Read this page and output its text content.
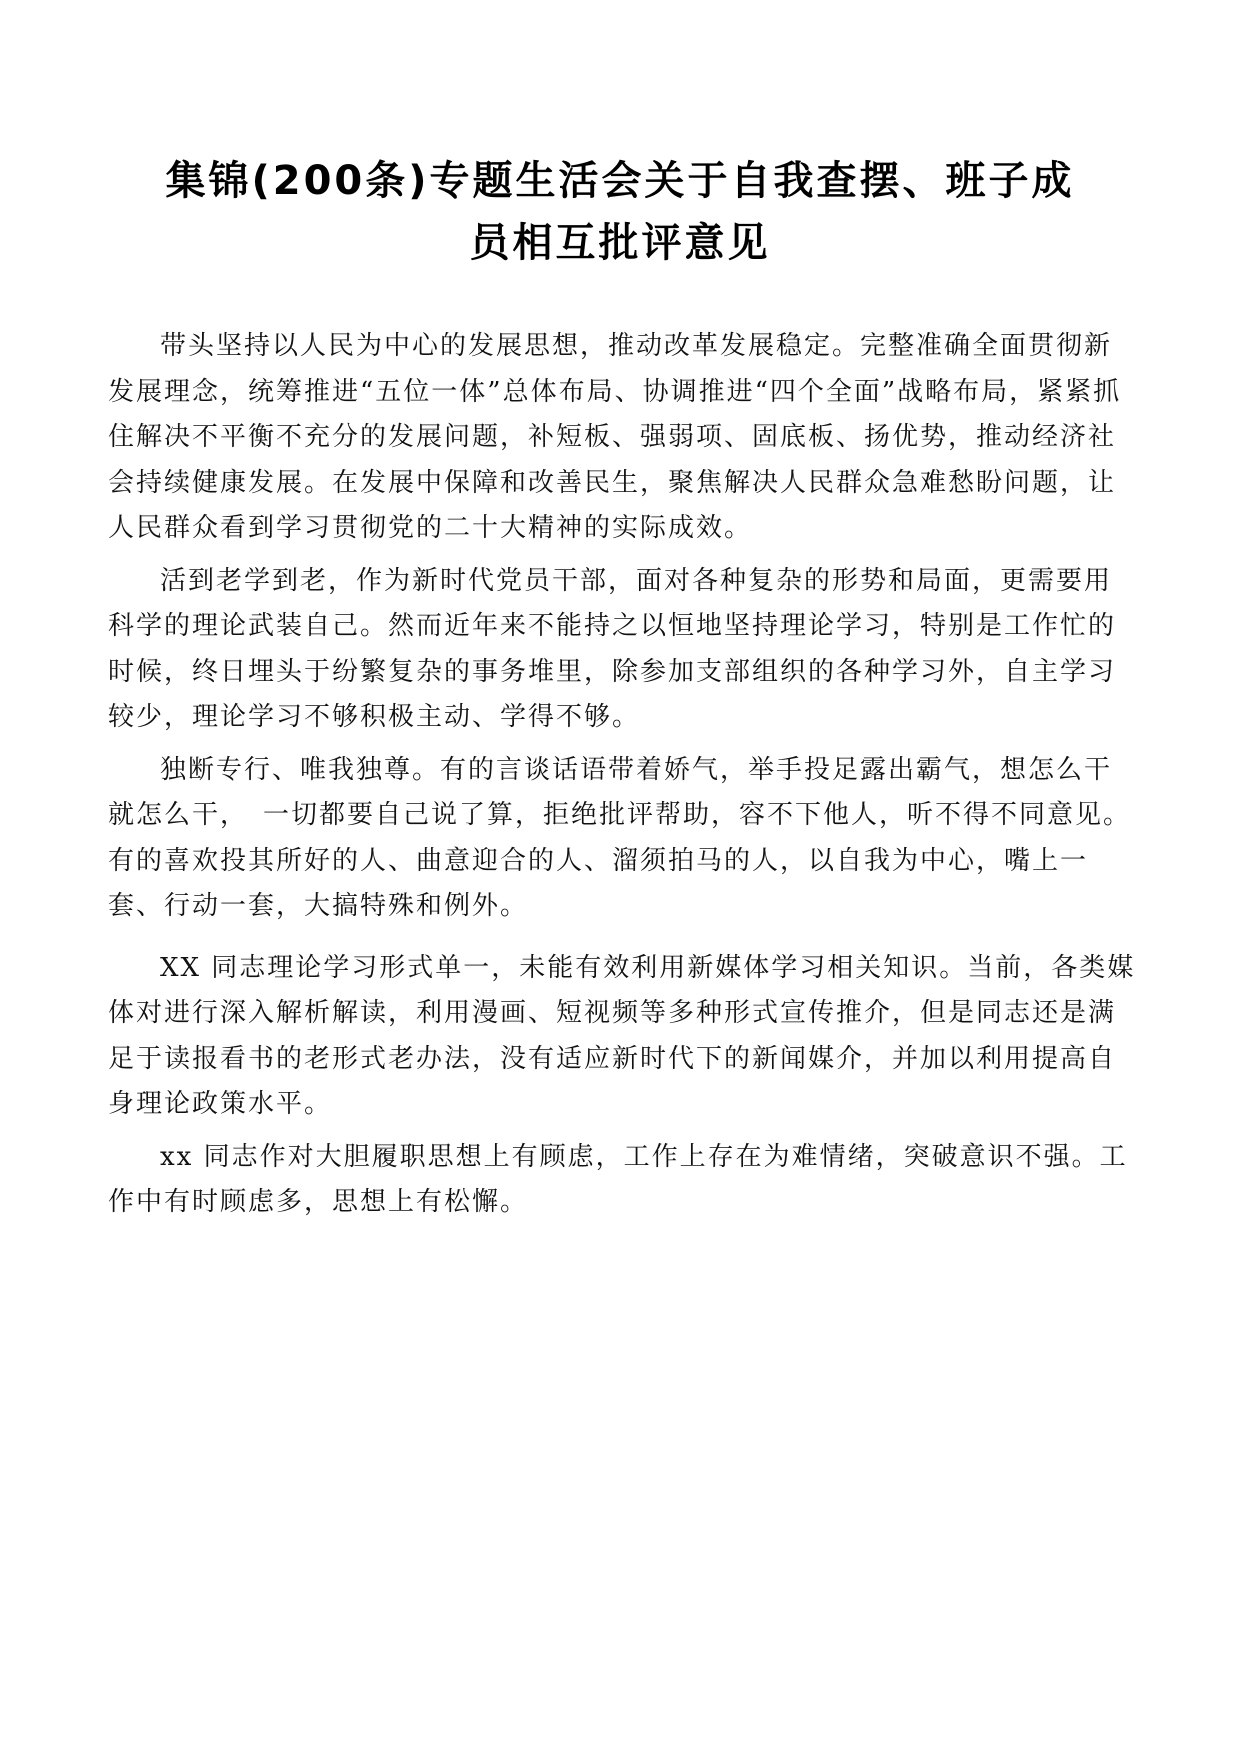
集锦(200条)专题生活会关于自我查摆、班子成
员相互批评意见

带头坚持以人民为中心的发展思想，推动改革发展稳定。完整准确全面贯彻新发展理念，统筹推进“五位一体”总体布局、协调推进“四个全面”战略布局，紧紧抓住解决不平衡不充分的发展问题，补短板、强弱项、固底板、扬优势，推动经济社会持续健康发展。在发展中保障和改善民生，聚焦解决人民群众急难愁盼问题，让人民群众看到学习贯彻党的二十大精神的实际成效。

活到老学到老，作为新时代党员干部，面对各种复杂的形势和局面，更需要用科学的理论武装自己。然而近年来不能持之以恒地坚持理论学习，特别是工作忙的时候，终日埋头于纷繁复杂的事务堆里，除参加支部组织的各种学习外，自主学习较少，理论学习不够积极主动、学得不够。

独断专行、唯我独尊。有的言谈话语带着娇气，举手投足露出霸气，想怎么干就怎么干，　一切都要自己说了算，拒绝批评帮助，容不下他人，听不得不同意见。有的喜欢投其所好的人、曲意迎合的人、溜须拍马的人，以自我为中心，嘴上一套、行动一套，大搞特殊和例外。

XX 同志理论学习形式单一，未能有效利用新媒体学习相关知识。当前，各类媒体对进行深入解析解读，利用漫画、短视频等多种形式宣传推介，但是同志还是满足于读报看书的老形式老办法，没有适应新时代下的新闻媒介，并加以利用提高自身理论政策水平。

xx 同志作对大胆履职思想上有顾虑，工作上存在为难情绪，突破意识不强。工作中有时顾虑多，思想上有松懈。
